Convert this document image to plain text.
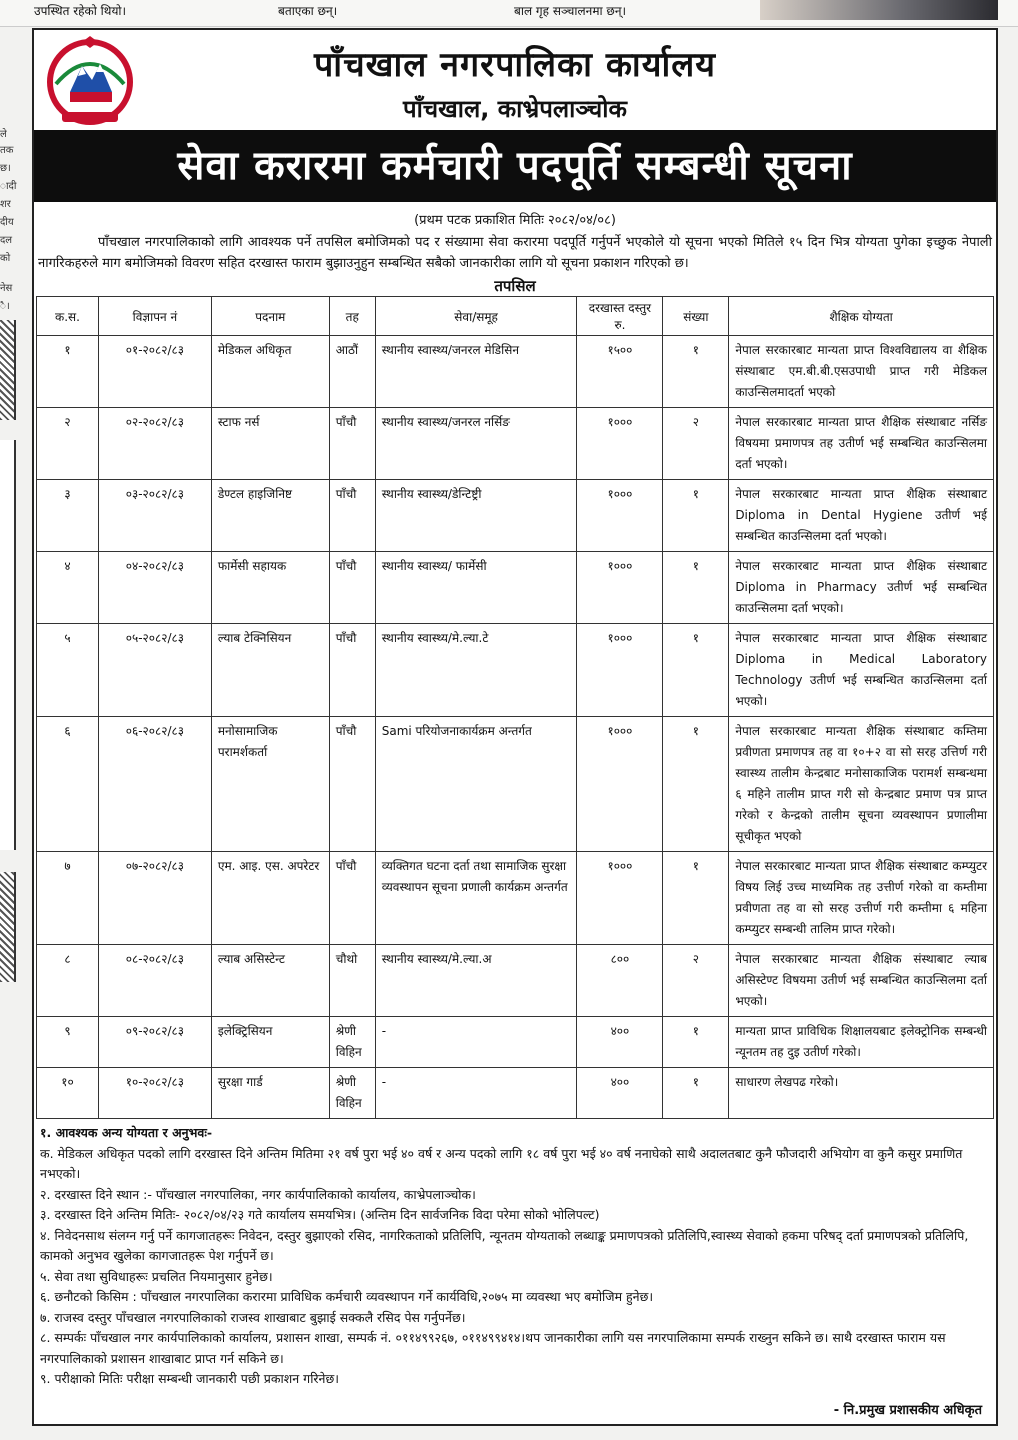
उपस्थित रहेको थियो।	बताएका छन्।	बाल गृह सञ्चालनमा छन्।
ले
तक
छ।
ादी
शर
दीय
दल
को
नेस
ै।
पाँचखाल नगरपालिका कार्यालय
पाँचखाल, काभ्रेपलाञ्चोक
सेवा करारमा कर्मचारी पदपूर्ति सम्बन्धी सूचना
(प्रथम पटक प्रकाशित मितिः २०८२/०४/०८)
पाँचखाल नगरपालिकाको लागि आवश्यक पर्ने तपसिल बमोजिमको पद र संख्यामा सेवा करारमा पदपूर्ति गर्नुपर्ने भएकोले यो सूचना भएको मितिले १५ दिन भित्र योग्यता पुगेका इच्छुक नेपाली नागरिकहरुले माग बमोजिमको विवरण सहित दरखास्त फाराम बुझाउनुहुन सम्बन्धित सबैको जानकारीका लागि यो सूचना प्रकाशन गरिएको छ।
तपसिल
क.स.	विज्ञापन नं	पदनाम	तह	सेवा/समूह	दरखास्त दस्तुर रु.	संख्या	शैक्षिक योग्यता
१	०१-२०८२/८३	मेडिकल अधिकृत	आठौं	स्थानीय स्वास्थ्य/जनरल मेडिसिन	१५००	१	नेपाल सरकारबाट मान्यता प्राप्त विश्वविद्यालय वा शैक्षिक संस्थाबाट एम.बी.बी.एसउपाधी प्राप्त गरी मेडिकल काउन्सिलमादर्ता भएको
२	०२-२०८२/८३	स्टाफ नर्स	पाँचौ	स्थानीय स्वास्थ्य/जनरल नर्सिङ	१०००	२	नेपाल सरकारबाट मान्यता प्राप्त शैक्षिक संस्थाबाट नर्सिङ विषयमा प्रमाणपत्र तह उतीर्ण भई सम्बन्धित काउन्सिलमा दर्ता भएको।
३	०३-२०८२/८३	डेण्टल हाइजिनिष्ट	पाँचौ	स्थानीय स्वास्थ्य/डेन्टिष्ट्री	१०००	१	नेपाल सरकारबाट मान्यता प्राप्त शैक्षिक संस्थाबाट Diploma in Dental Hygiene उतीर्ण भई सम्बन्धित काउन्सिलमा दर्ता भएको।
४	०४-२०८२/८३	फार्मेसी सहायक	पाँचौ	स्थानीय स्वास्थ्य/ फार्मेसी	१०००	१	नेपाल सरकारबाट मान्यता प्राप्त शैक्षिक संस्थाबाट Diploma in Pharmacy उतीर्ण भई सम्बन्धित काउन्सिलमा दर्ता भएको।
५	०५-२०८२/८३	ल्याब टेक्निसियन	पाँचौ	स्थानीय स्वास्थ्य/मे.ल्या.टे	१०००	१	नेपाल सरकारबाट मान्यता प्राप्त शैक्षिक संस्थाबाट Diploma in Medical Laboratory Technology उतीर्ण भई सम्बन्धित काउन्सिलमा दर्ता भएको।
६	०६-२०८२/८३	मनोसामाजिक परामर्शकर्ता	पाँचौ	Sami परियोजनाकार्यक्रम अन्तर्गत	१०००	१	नेपाल सरकारबाट मान्यता शैक्षिक संस्थाबाट कम्तिमा प्रवीणता प्रमाणपत्र तह वा १०+२ वा सो सरह उत्तिर्ण गरी स्वास्थ्य तालीम केन्द्रबाट मनोसाकाजिक परामर्श सम्बन्धमा ६ महिने तालीम प्राप्त गरी सो केन्द्रबाट प्रमाण पत्र प्राप्त गरेको र केन्द्रको तालीम सूचना व्यवस्थापन प्रणालीमा सूचीकृत भएको
७	०७-२०८२/८३	एम. आइ. एस. अपरेटर	पाँचौ	व्यक्तिगत घटना दर्ता तथा सामाजिक सुरक्षा व्यवस्थापन सूचना प्रणाली कार्यक्रम अन्तर्गत	१०००	१	नेपाल सरकारबाट मान्यता प्राप्त शैक्षिक संस्थाबाट कम्प्युटर विषय लिई उच्च माध्यमिक तह उत्तीर्ण गरेको वा कम्तीमा प्रवीणता तह वा सो सरह उत्तीर्ण गरी कम्तीमा ६ महिना कम्प्युटर सम्बन्धी तालिम प्राप्त गरेको।
८	०८-२०८२/८३	ल्याब असिस्टेन्ट	चौथो	स्थानीय स्वास्थ्य/मे.ल्या.अ	८००	२	नेपाल सरकारबाट मान्यता शैक्षिक संस्थाबाट ल्याब असिस्टेण्ट विषयमा उतीर्ण भई सम्बन्धित काउन्सिलमा दर्ता भएको।
९	०९-२०८२/८३	इलेक्ट्रिसियन	श्रेणी विहिन	-	४००	१	मान्यता प्राप्त प्राविधिक शिक्षालयबाट इलेक्ट्रोनिक सम्बन्धी न्यूनतम तह दुइ उतीर्ण गरेको।
१०	१०-२०८२/८३	सुरक्षा गार्ड	श्रेणी विहिन	-	४००	१	साधारण लेखपढ गरेको।
१. आवश्यक अन्य योग्यता र अनुभवः-
क. मेडिकल अधिकृत पदको लागि दरखास्त दिने अन्तिम मितिमा २१ वर्ष पुरा भई ४० वर्ष र अन्य पदको लागि १८ वर्ष पुरा भई ४० वर्ष ननाघेको साथै अदालतबाट कुनै फौजदारी अभियोग वा कुनै कसुर प्रमाणित नभएको।
२. दरखास्त दिने स्थान :- पाँचखाल नगरपालिका, नगर कार्यपालिकाको कार्यालय, काभ्रेपलाञ्चोक।
३. दरखास्त दिने अन्तिम मितिः- २०८२/०४/२३ गते कार्यालय समयभित्र। (अन्तिम दिन सार्वजनिक विदा परेमा सोको भोलिपल्ट)
४. निवेदनसाथ संलग्न गर्नु पर्ने कागजातहरूः निवेदन, दस्तुर बुझाएको रसिद, नागरिकताको प्रतिलिपि, न्यूनतम योग्यताको लब्धाङ्क प्रमाणपत्रको प्रतिलिपि,स्वास्थ्य सेवाको हकमा परिषद् दर्ता प्रमाणपत्रको प्रतिलिपि, कामको अनुभव खुलेका कागजातहरू पेश गर्नुपर्ने छ।
५. सेवा तथा सुविधाहरूः प्रचलित नियमानुसार हुनेछ।
६. छनौटको किसिम : पाँचखाल नगरपालिका करारमा प्राविधिक कर्मचारी व्यवस्थापन गर्ने कार्यविधि,२०७५ मा व्यवस्था भए बमोजिम हुनेछ।
७. राजस्व दस्तुर पाँचखाल नगरपालिकाको राजस्व शाखाबाट बुझाई सक्कलै रसिद पेस गर्नुपर्नेछ।
८. सम्पर्कः पाँचखाल नगर कार्यपालिकाको कार्यालय, प्रशासन शाखा, सम्पर्क नं. ०११४९९२६७, ०११४९९४१४।थप जानकारीका लागि यस नगरपालिकामा सम्पर्क राख्नुन सकिने छ। साथै दरखास्त फाराम यस नगरपालिकाको प्रशासन शाखाबाट प्राप्त गर्न सकिने छ।
९. परीक्षाको मितिः परीक्षा सम्बन्धी जानकारी पछी प्रकाशन गरिनेछ।
- नि.प्रमुख प्रशासकीय अधिकृत
